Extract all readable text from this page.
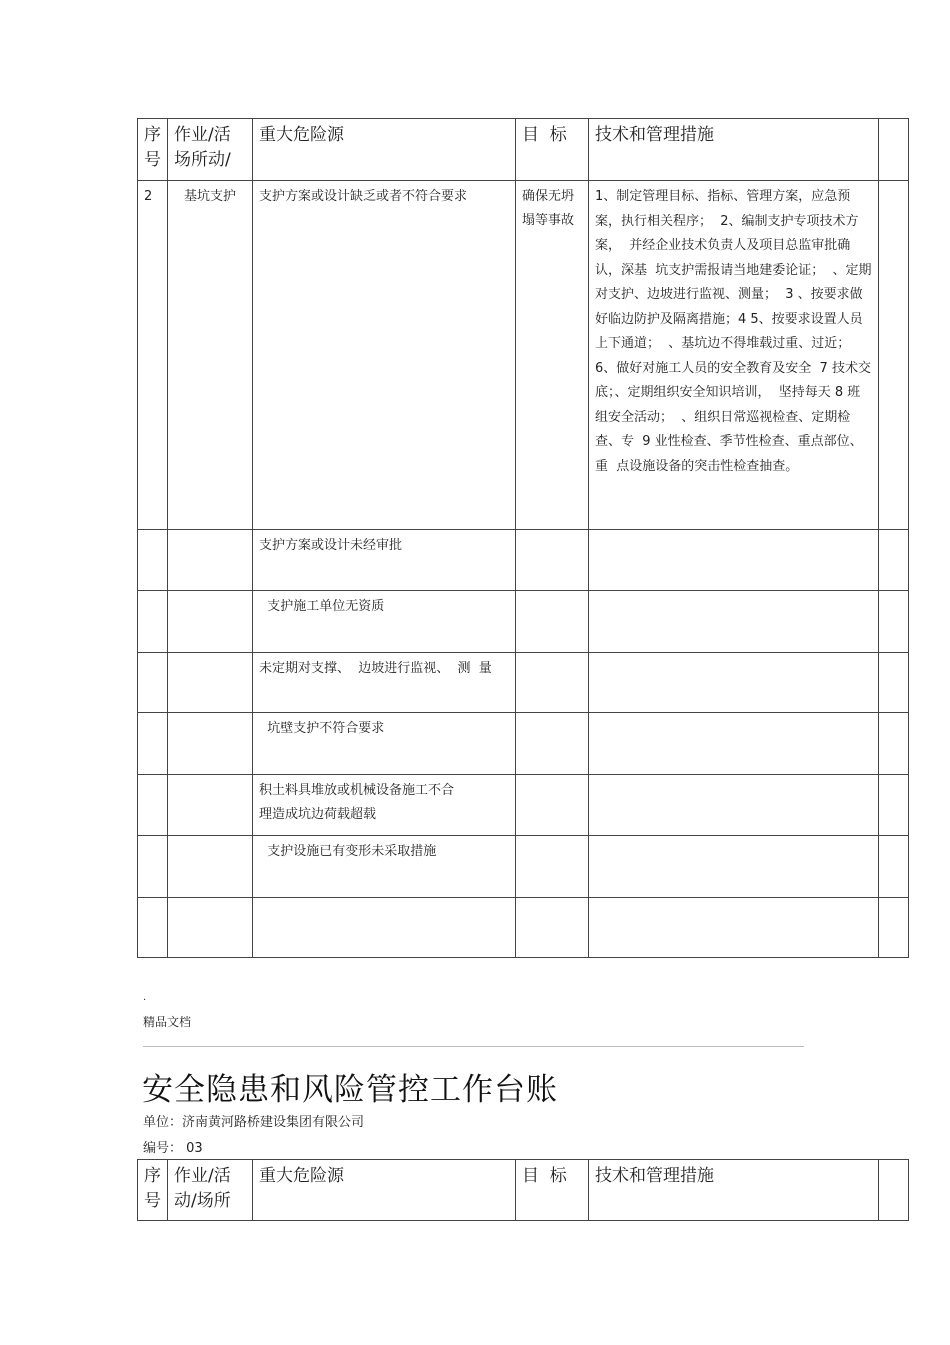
序
号	作业/活
场所动/	重大危险源	目  标	技术和管理措施	
2	基坑支护	支护方案或设计缺乏或者不符合要求	确保无坍
塌等事故	1、制定管理目标、指标、管理方案，应急预案，执行相关程序；  2、编制支护专项技术方案，  并经企业技术负责人及项目总监审批确认，深基  坑支护需报请当地建委论证；  、定期对支护、边坡进行监视、测量；  3 、按要求做好临边防护及隔离措施；4 5、按要求设置人员上下通道；  、基坑边不得堆载过重、过近；  6、做好对施工人员的安全教育及安全  7 技术交底；、定期组织安全知识培训，  坚持每天 8 班组安全活动；  、组织日常巡视检查、定期检查、专  9 业性检查、季节性检查、重点部位、重  点设施设备的突击性检查抽查。	
		支护方案或设计未经审批			
		支护施工单位无资质			
		未定期对支撑、  边坡进行监视、  测  量			
		坑壁支护不符合要求			
		积土料具堆放或机械设备施工不合
理造成坑边荷载超载			
		支护设施已有变形未采取措施			

.
精品文档
安全隐患和风险管控工作台账
单位：济南黄河路桥建设集团有限公司
编号： 03
序
号	作业/活
动/场所	重大危险源	目  标	技术和管理措施	
